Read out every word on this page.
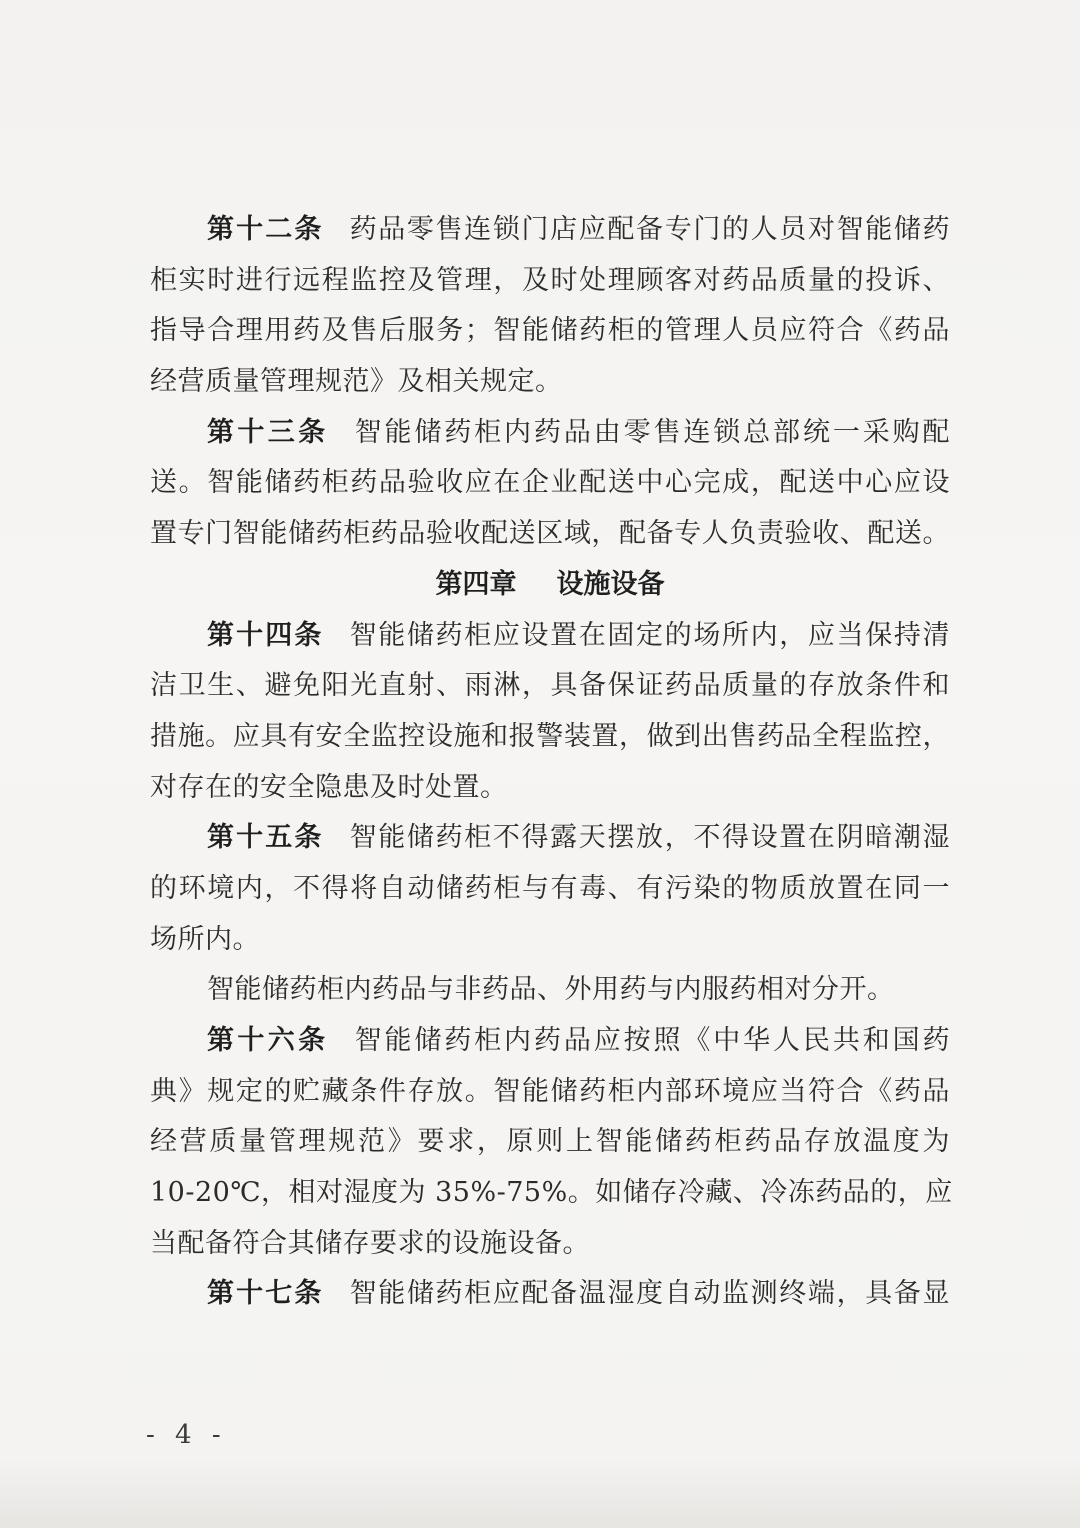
第十二条 药品零售连锁门店应配备专门的人员对智能储药
柜实时进行远程监控及管理，及时处理顾客对药品质量的投诉、
指导合理用药及售后服务；智能储药柜的管理人员应符合《药品
经营质量管理规范》及相关规定。
第十三条 智能储药柜内药品由零售连锁总部统一采购配
送。智能储药柜药品验收应在企业配送中心完成，配送中心应设
置专门智能储药柜药品验收配送区域，配备专人负责验收、配送。
第四章 设施设备
第十四条 智能储药柜应设置在固定的场所内，应当保持清
洁卫生、避免阳光直射、雨淋，具备保证药品质量的存放条件和
措施。应具有安全监控设施和报警装置，做到出售药品全程监控，
对存在的安全隐患及时处置。
第十五条 智能储药柜不得露天摆放，不得设置在阴暗潮湿
的环境内，不得将自动储药柜与有毒、有污染的物质放置在同一
场所内。
智能储药柜内药品与非药品、外用药与内服药相对分开。
第十六条 智能储药柜内药品应按照《中华人民共和国药
典》规定的贮藏条件存放。智能储药柜内部环境应当符合《药品
经营质量管理规范》要求，原则上智能储药柜药品存放温度为
10-20℃，相对湿度为 35%-75%。如储存冷藏、冷冻药品的，应
当配备符合其储存要求的设施设备。
第十七条 智能储药柜应配备温湿度自动监测终端，具备显
- 4 -
